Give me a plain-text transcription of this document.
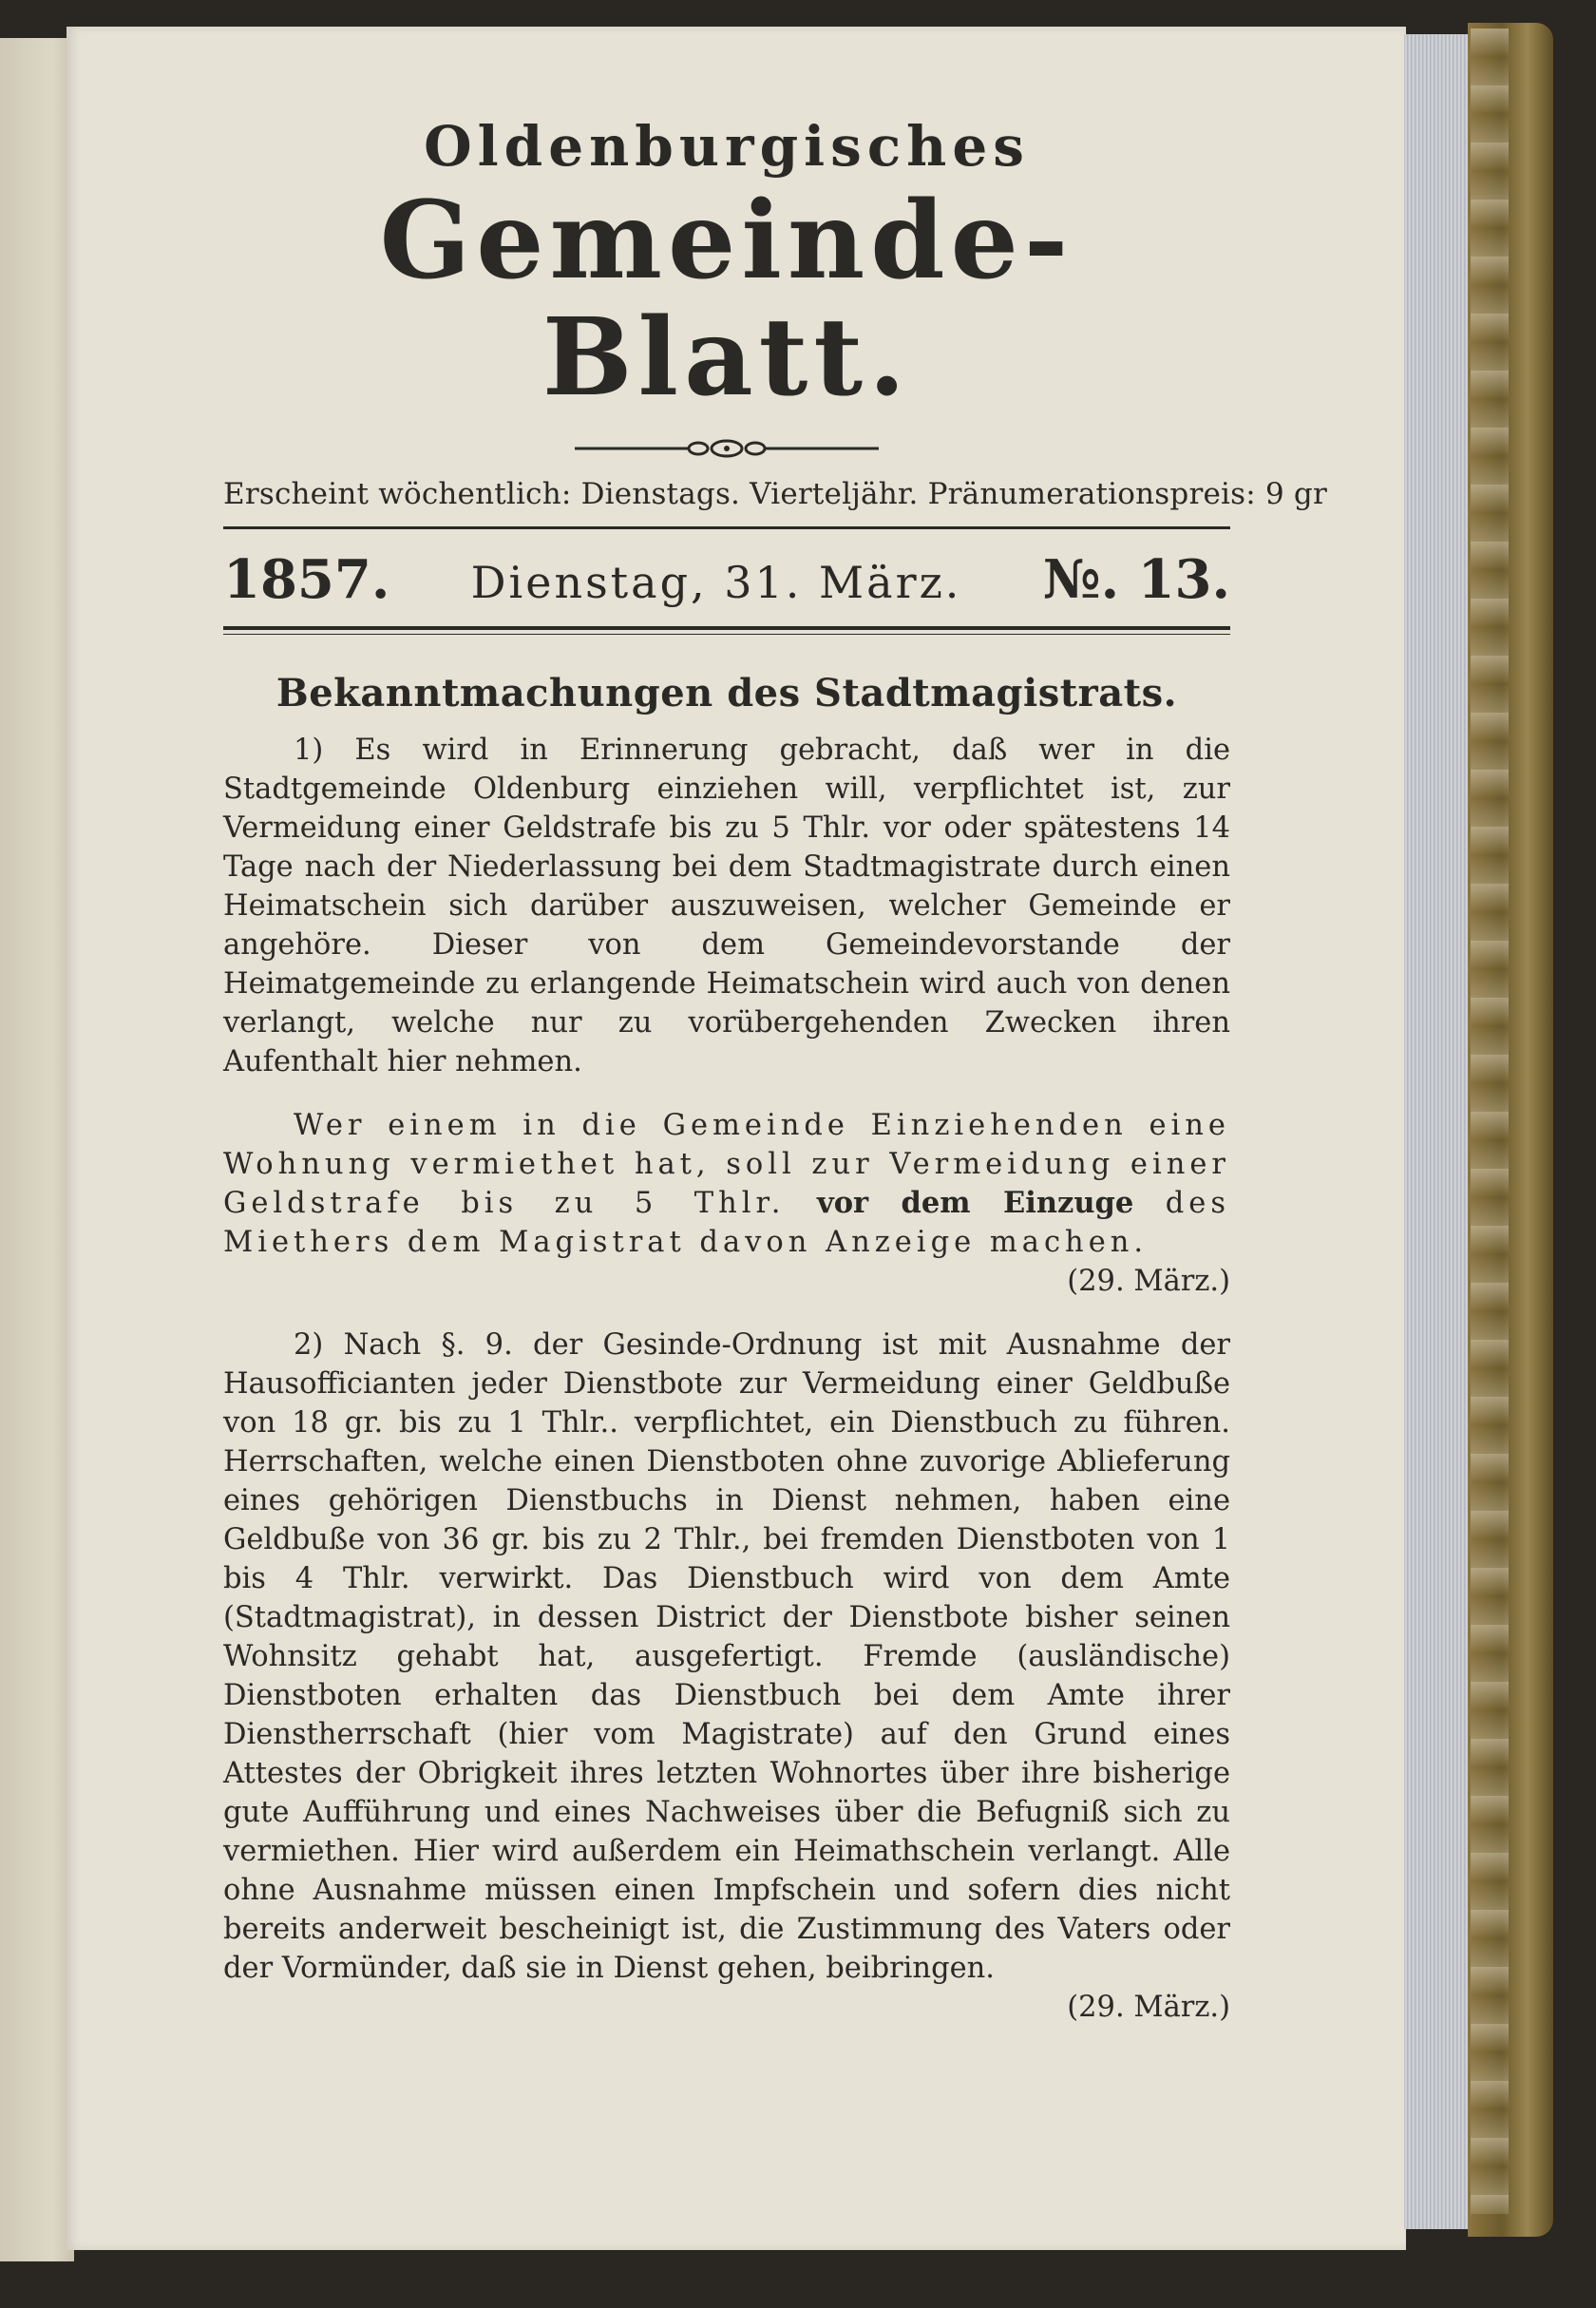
Oldenburgisches
Gemeinde-Blatt.

Erscheint wöchentlich: Dienstags. Vierteljähr. Pränumerationspreis: 9 gr

1857. Dienstag, 31. März. №. 13.
Bekanntmachungen des Stadtmagistrats.

1) Es wird in Erinnerung gebracht, daß wer in die Stadtgemeinde Oldenburg einziehen will, verpflichtet ist, zur Vermeidung einer Geldstrafe bis zu 5 Thlr. vor oder spätestens 14 Tage nach der Niederlassung bei dem Stadtmagistrate durch einen Heimatschein sich darüber auszuweisen, welcher Gemeinde er angehöre. Dieser von dem Gemeindevorstande der Heimatgemeinde zu erlangende Heimatschein wird auch von denen verlangt, welche nur zu vorübergehenden Zwecken ihren Aufenthalt hier nehmen.

Wer einem in die Gemeinde Einziehenden eine Wohnung vermiethet hat, soll zur Vermeidung einer Geldstrafe bis zu 5 Thlr. vor dem Einzuge des Miethers dem Magistrat davon Anzeige machen.

(29. März.)

2) Nach §. 9. der Gesinde-Ordnung ist mit Ausnahme der Hausofficianten jeder Dienstbote zur Vermeidung einer Geldbuße von 18 gr. bis zu 1 Thlr.. verpflichtet, ein Dienstbuch zu führen. Herrschaften, welche einen Dienstboten ohne zuvorige Ablieferung eines gehörigen Dienstbuchs in Dienst nehmen, haben eine Geldbuße von 36 gr. bis zu 2 Thlr., bei fremden Dienstboten von 1 bis 4 Thlr. verwirkt. Das Dienstbuch wird von dem Amte (Stadtmagistrat), in dessen District der Dienstbote bisher seinen Wohnsitz gehabt hat, ausgefertigt. Fremde (ausländische) Dienstboten erhalten das Dienstbuch bei dem Amte ihrer Dienstherrschaft (hier vom Magistrate) auf den Grund eines Attestes der Obrigkeit ihres letzten Wohnortes über ihre bisherige gute Aufführung und eines Nachweises über die Befugniß sich zu vermiethen. Hier wird außerdem ein Heimathschein verlangt. Alle ohne Ausnahme müssen einen Impfschein und sofern dies nicht bereits anderweit bescheinigt ist, die Zustimmung des Vaters oder der Vormünder, daß sie in Dienst gehen, beibringen.

(29. März.)
